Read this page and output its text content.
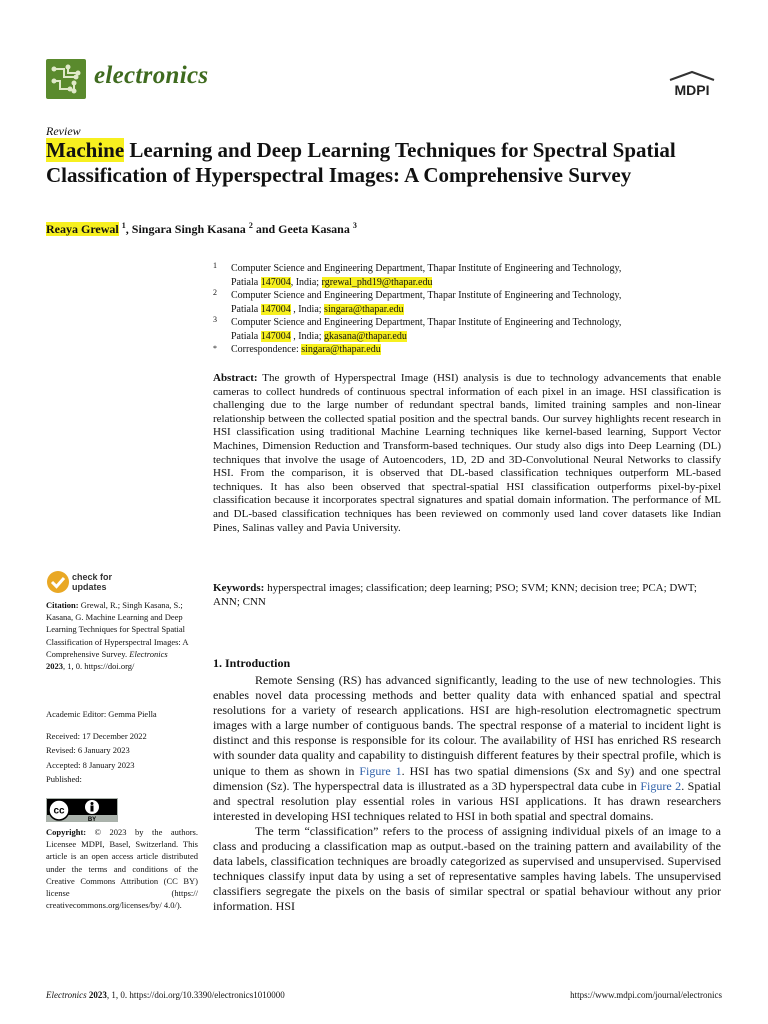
electronics
MDPI
Review
Machine Learning and Deep Learning Techniques for Spectral Spatial Classification of Hyperspectral Images: A Comprehensive Survey
Reaya Grewal $^1$, Singara Singh Kasana $^2$ and Geeta Kasana $^3$
1 Computer Science and Engineering Department, Thapar Institute of Engineering and Technology,
Patiala 147004, India; rgrewal_phd19@thapar.edu
2 Computer Science and Engineering Department, Thapar Institute of Engineering and Technology,
Patiala 147004 , India; singara@thapar.edu
3 Computer Science and Engineering Department, Thapar Institute of Engineering and Technology,
Patiala 147004 , India; gkasana@thapar.edu
* Correspondence: singara@thapar.edu
Abstract: The growth of Hyperspectral Image (HSI) analysis is due to technology advancements that enable cameras to collect hundreds of continuous spectral information of each pixel in an image. HSI classification is challenging due to the large number of redundant spectral bands, limited training samples and non-linear relationship between the collected spatial position and the spectral bands. Our survey highlights recent research in HSI classification using traditional Machine Learning techniques like kernel-based learning, Support Vector Machines, Dimension Reduction and Transform-based techniques. Our study also digs into Deep Learning (DL) techniques that involve the usage of Autoencoders, 1D, 2D and 3D-Convolutional Neural Networks to classify HSI. From the comparison, it is observed that DL-based classification techniques outperform ML-based techniques. It has also been observed that spectral-spatial HSI classification outperforms pixel-by-pixel classification because it incorporates spectral signatures and spatial domain information. The performance of ML and DL-based classification techniques has been reviewed on commonly used land cover datasets like Indian Pines, Salinas valley and Pavia University.
Keywords: hyperspectral images; classification; deep learning; PSO; SVM; KNN; decision tree; PCA; DWT; ANN; CNN
1. Introduction

Remote Sensing (RS) has advanced significantly, leading to the use of new technologies. This enables novel data processing methods and better quality data with enhanced spatial and spectral resolutions for a variety of research applications. HSI are high-resolution electromagnetic spectrum images with a large number of contiguous bands. The spectral response of a material to incident light is distinct and this response is responsible for its colour. The availability of HSI has enriched RS research with sounder data quality and capability to distinguish different features by their spectral profile, which is unique to them as shown in Figure 1. HSI has two spatial dimensions (Sx and Sy) and one spectral dimension (Sz). The hyperspectral data is illustrated as a 3D hyperspectral data cube in Figure 2. Spatial and spectral resolution play essential roles in various HSI applications. It has drawn researchers interested in developing HSI techniques related to HSI in both spatial and spectral domains.

The term “classification” refers to the process of assigning individual pixels of an image to a class and producing a classification map as output.-based on the training pattern and availability of the data labels, classification techniques are broadly categorized as supervised and unsupervised. Supervised techniques classify input data by using a set of representative samples having labels. The unsupervised classifiers segregate the pixels on the basis of similar spectral or spatial behaviour without any prior information. HSI

check for
updates
Citation: Grewal, R.; Singh Kasana, S.; Kasana, G. Machine Learning and Deep Learning Techniques for Spectral Spatial Classification of Hyperspectral Images: A Comprehensive Survey. Electronics
2023, 1, 0. https://doi.org/
Academic Editor: Gemma Piella
Received: 17 December 2022
Revised: 6 January 2023
Accepted: 8 January 2023
Published:
cc
BY
Copyright: © 2023 by the authors. Licensee MDPI, Basel, Switzerland. This article is an open access article distributed under the terms and conditions of the Creative Commons Attribution (CC BY) license (https:// creativecommons.org/licenses/by/ 4.0/).
Electronics 2023, 1, 0. https://doi.org/10.3390/electronics1010000	https://www.mdpi.com/journal/electronics
